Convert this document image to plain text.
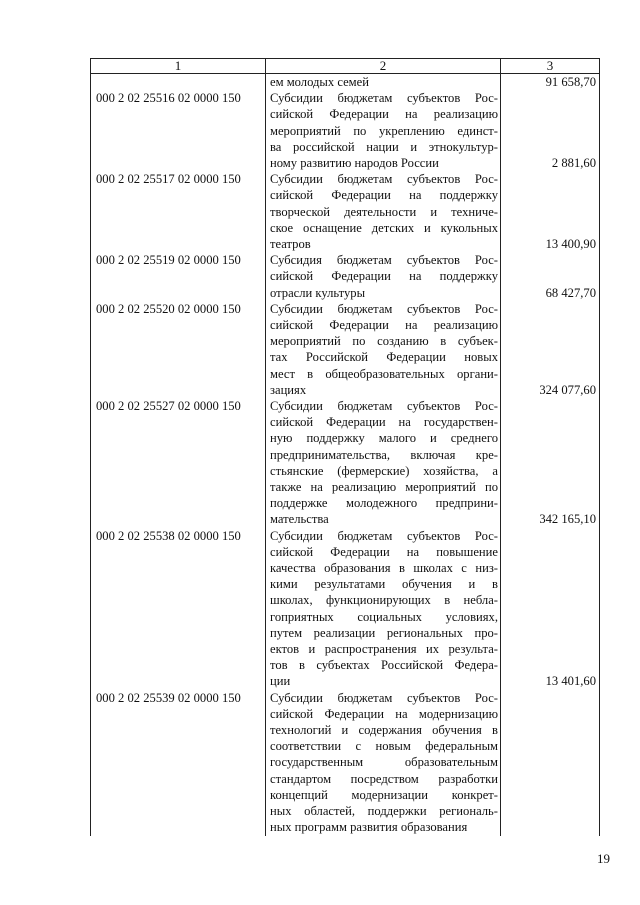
1	2	3
ем молодых семей	91 658,70
000 2 02 25516 02 0000 150	Субсидии бюджетам субъектов Рос-
сийской Федерации на реализацию
мероприятий по укреплению единст-
ва российской нации и этнокультур-
ному развитию народов России	2 881,60
000 2 02 25517 02 0000 150	Субсидии бюджетам субъектов Рос-
сийской Федерации на поддержку
творческой деятельности и техниче-
ское оснащение детских и кукольных
театров	13 400,90
000 2 02 25519 02 0000 150	Субсидия бюджетам субъектов Рос-
сийской Федерации на поддержку
отрасли культуры	68 427,70
000 2 02 25520 02 0000 150	Субсидии бюджетам субъектов Рос-
сийской Федерации на реализацию
мероприятий по созданию в субъек-
тах Российской Федерации новых
мест в общеобразовательных органи-
зациях	324 077,60
000 2 02 25527 02 0000 150	Субсидии бюджетам субъектов Рос-
сийской Федерации на государствен-
ную поддержку малого и среднего
предпринимательства, включая кре-
стьянские (фермерские) хозяйства, а
также на реализацию мероприятий по
поддержке молодежного предприни-
мательства	342 165,10
000 2 02 25538 02 0000 150	Субсидии бюджетам субъектов Рос-
сийской Федерации на повышение
качества образования в школах с низ-
кими результатами обучения и в
школах, функционирующих в небла-
гоприятных социальных условиях,
путем реализации региональных про-
ектов и распространения их результа-
тов в субъектах Российской Федера-
ции	13 401,60
000 2 02 25539 02 0000 150	Субсидии бюджетам субъектов Рос-
сийской Федерации на модернизацию
технологий и содержания обучения в
соответствии с новым федеральным
государственным образовательным
стандартом посредством разработки
концепций модернизации конкрет-
ных областей, поддержки региональ-
ных программ развития образования
19
